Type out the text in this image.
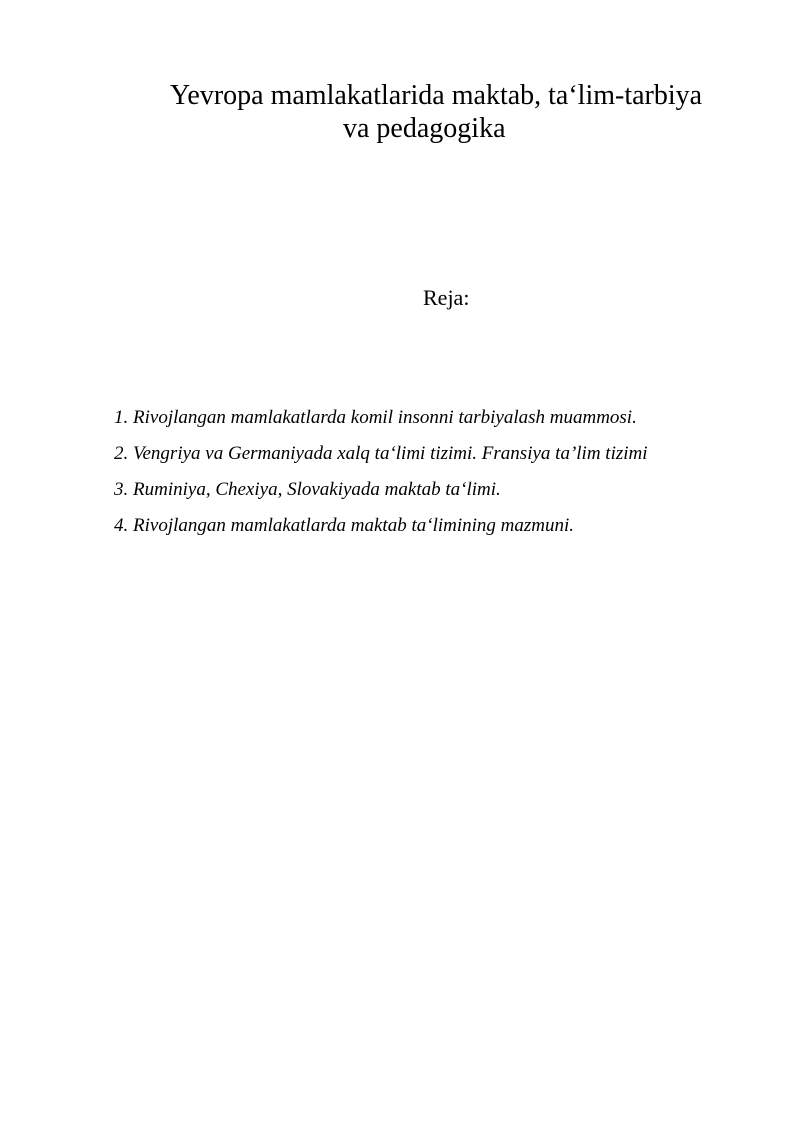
Yevropa mamlakatlarida maktab, ta‘lim-tarbiya
va pedagogika
Reja:
1. Rivojlangan mamlakatlarda komil insonni tarbiyalash muammosi.
2. Vengriya va Germaniyada xalq ta‘limi tizimi. Fransiya ta’lim tizimi
3. Ruminiya, Chexiya, Slovakiyada maktab ta‘limi.
4. Rivojlangan mamlakatlarda maktab ta‘limining mazmuni.
